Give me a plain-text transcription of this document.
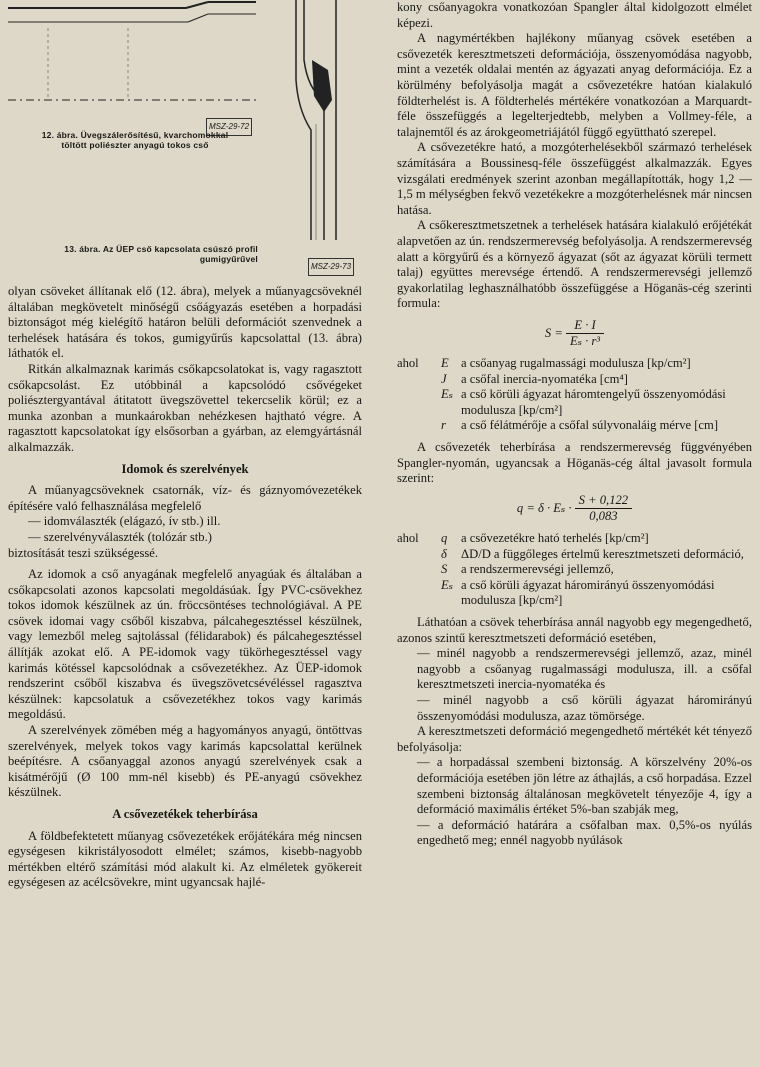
MSZ-29-72
12. ábra. Üvegszálerősítésű, kvarchomokkal töltött poliészter anyagú tokos cső
13. ábra. Az ÜEP cső kapcsolata csúszó profil gumigyűrűvel
MSZ-29-73

olyan csöveket állítanak elő (12. ábra), melyek a műanyagcsöveknél általában megkövetelt minőségű csőágyazás esetében a horpadási biztonságot még kielégítő határon belüli deformációt szenvednek a terhelések hatására és tokos, gumigyűrűs kapcsolattal (13. ábra) láthatók el.

Ritkán alkalmaznak karimás csőkapcsolatokat is, vagy ragasztott csőkapcsolást. Ez utóbbinál a kapcsolódó csővégeket poliésztergyantával átitatott üvegszövettel tekercselik körül; ez a munka azonban a munkaárokban nehézkesen hajtható végre. A ragasztott kapcsolatokat így elsősorban a gyárban, az elemgyártásnál alkalmazzák.

Idomok és szerelvények

A műanyagcsöveknek csatornák, víz- és gáznyomóvezetékek építésére való felhasználása megfelelő

— idomválaszték (elágazó, ív stb.) ill.

— szerelvényválaszték (tolózár stb.)

biztosítását teszi szükségessé.

Az idomok a cső anyagának megfelelő anyagúak és általában a csőkapcsolati azonos kapcsolati megoldásúak. Így PVC-csövekhez tokos idomok készülnek az ún. fröccsöntéses technológiával. A PE csövek idomai vagy csőből kiszabva, pálcahegesztéssel készülnek, vagy lemezből meleg sajtolással (félidarabok) és pálcahegesztéssel állítják azokat elő. A PE-idomok vagy tükörhegesztéssel vagy karimás kötéssel kapcsolódnak a csővezetékhez. Az ÜEP-idomok rendszerint csőből kiszabva és üvegszövetcsévéléssel ragasztva készülnek: kapcsolatuk a csővezetékhez tokos vagy karimás megoldású.

A szerelvények zömében még a hagyományos anyagú, öntöttvas szerelvények, melyek tokos vagy karimás kapcsolattal kerülnek beépítésre. A csőanyaggal azonos anyagú szerelvények csak a kisátmérőjű (Ø 100 mm-nél kisebb) és PE-anyagú csövekhez készülnek.

A csővezetékek teherbírása

A földbefektetett műanyag csővezetékek erőjátékára még nincsen egységesen kikristályosodott elmélet; számos, kisebb-nagyobb mértékben eltérő számítási mód alakult ki. Az elméletek gyökereit egységesen az acélcsövekre, mint ugyancsak hajlé-

kony csőanyagokra vonatkozóan Spangler által kidolgozott elmélet képezi.

A nagymértékben hajlékony műanyag csövek esetében a csővezeték keresztmetszeti deformációja, összenyomódása nagyobb, mint a vezeték oldalai mentén az ágyazati anyag deformációja. Ez a körülmény befolyásolja magát a csővezetékre hatóan kialakuló földterhelést is. A földterhelés mértékére vonatkozóan a Marquardt-féle összefüggés a legelterjedtebb, melyben a Vollmey-féle, a talajnemtől és az árokgeometriájától függő együttható szerepel.

A csővezetékre ható, a mozgóterhelésekből származó terhelések számítására a Boussinesq-féle összefüggést alkalmazzák. Egyes vizsgálati eredmények szerint azonban megállapították, hogy 1,2 —1,5 m mélységben fekvő vezetékekre a mozgóterhelésnek már nincsen hatása.

A csőkeresztmetszetnek a terhelések hatására kialakuló erőjétékát alapvetően az ún. rendszermerevség befolyásolja. A rendszermerevség alatt a körgyűrű és a környező ágyazat (sőt az ágyazat körüli termett talaj) együttes merevsége értendő. A rendszermerevségi jellemző gyakorlatilag leghasználhatóbb összefüggése a Höganäs-cég szerinti formula:

$S = \frac{E \cdot I}{\text{Eₛ · r³}}$
ahol	E a csőanyag rugalmassági modulusza [kp/cm²]
J	a csőfal inercia-nyomatéka [cm⁴]
Eₛ a cső körüli ágyazat háromtengelyű összenyomódási modulusza [kp/cm²]
r	a cső félátmérője a csőfal súlyvonaláig mérve [cm]

A csővezeték teherbírása a rendszermerevség függvényében Spangler-nyomán, ugyancsak a Höganäs-cég által javasolt formula szerint:

$q = \delta \cdot E_s \cdot \frac{S + 0,122}{0,083}$
ahol	q	a csővezetékre ható terhelés [kp/cm²]
δ	ΔD/D a függőleges értelmű keresztmetszeti deformáció,
S	a rendszermerevségi jellemző,
Eₛ a cső körüli ágyazat háromirányú összenyomódási modulusza [kp/cm²]

Láthatóan a csövek teherbírása annál nagyobb egy megengedhető, azonos szintű keresztmetszeti deformáció esetében,

— minél nagyobb a rendszermerevségi jellemző, azaz, minél nagyobb a csőanyag rugalmassági modulusza, ill. a csőfal keresztmetszeti inercia-nyomatéka és

— minél nagyobb a cső körüli ágyazat háromirányú összenyomódási modulusza, azaz tömörsége.

A keresztmetszeti deformáció megengedhető mértékét két tényező befolyásolja:

— a horpadással szembeni biztonság. A körszelvény 20%-os deformációja esetében jön létre az áthajlás, a cső horpadása. Ezzel szembeni biztonság általánosan megkövetelt tényezője 4, így a deformáció maximális értéket 5%-ban szabják meg,

— a deformáció határára a csőfalban max. 0,5%-os nyúlás engedhető meg; ennél nagyobb nyúlások
